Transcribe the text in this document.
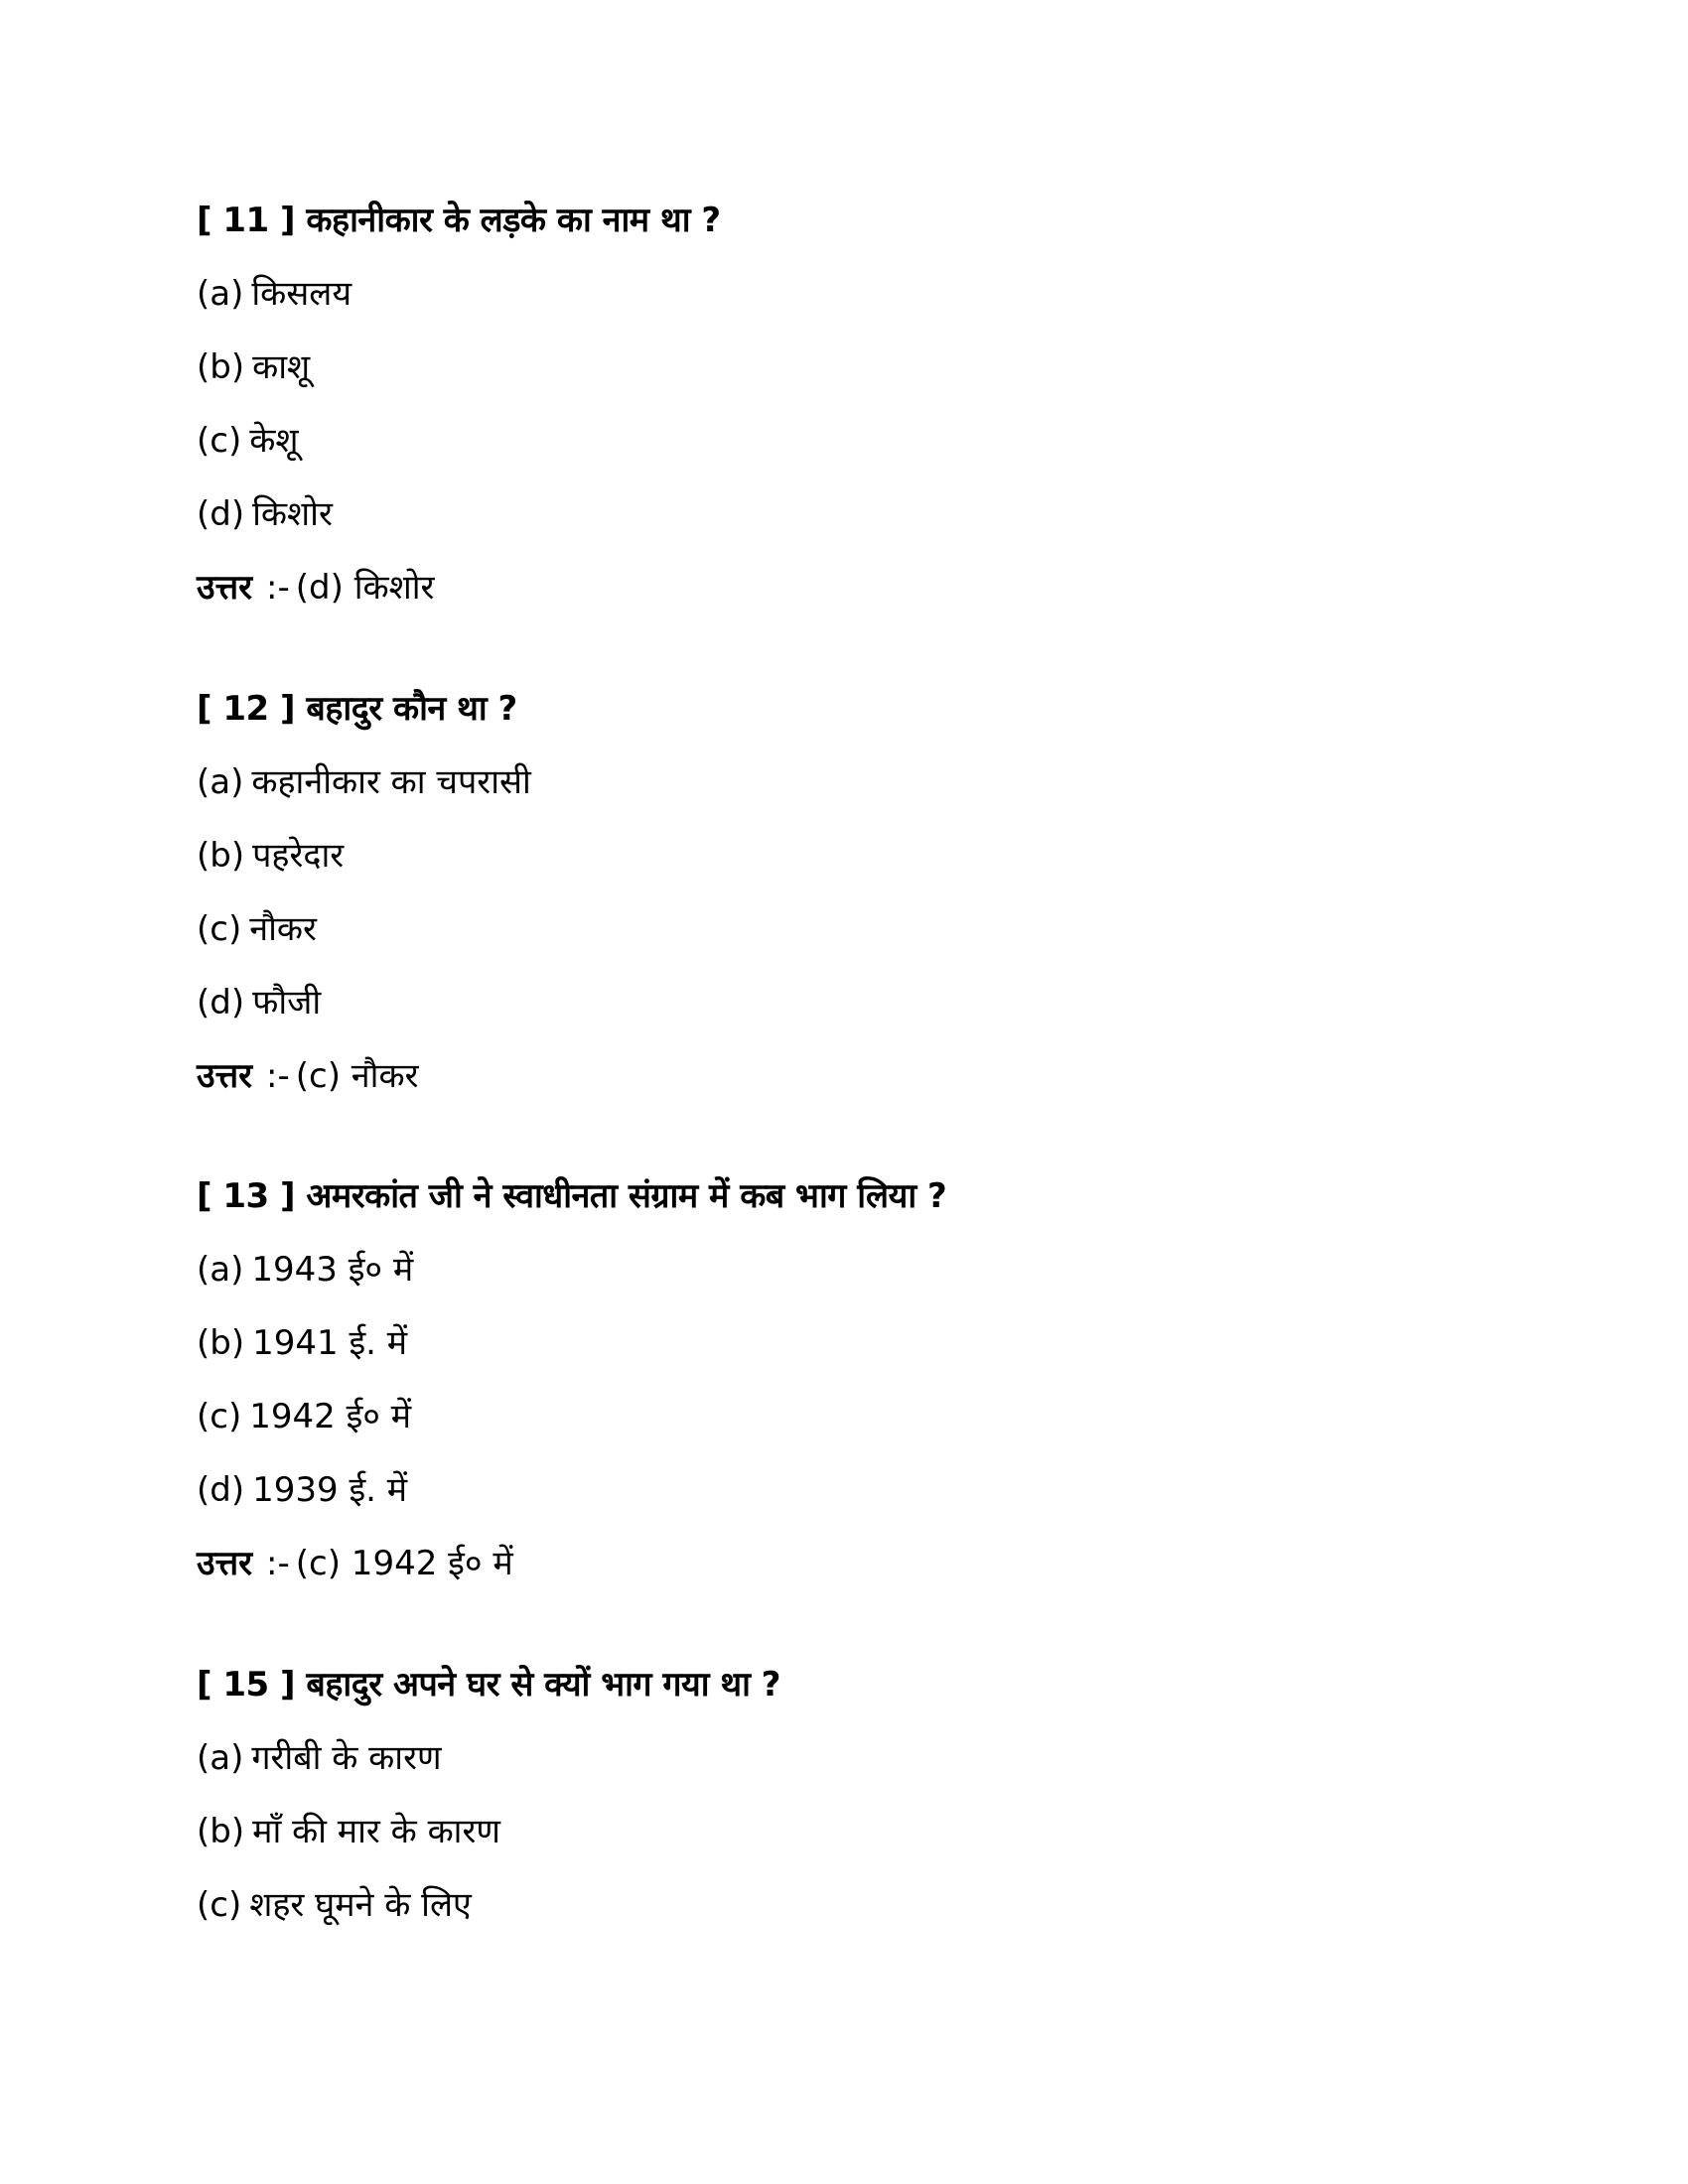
[ 11 ] कहानीकार के लड़के का नाम था ?
(a) किसलय
(b) काशू
(c) केशू
(d) किशोर
उत्तर :- (d) किशोर
[ 12 ] बहादुर कौन था ?
(a) कहानीकार का चपरासी
(b) पहरेदार
(c) नौकर
(d) फौजी
उत्तर :- (c) नौकर
[ 13 ] अमरकांत जी ने स्वाधीनता संग्राम में कब भाग लिया ?
(a) 1943 ई० में
(b) 1941 ई. में
(c) 1942 ई० में
(d) 1939 ई. में
उत्तर :- (c) 1942 ई० में
[ 15 ] बहादुर अपने घर से क्यों भाग गया था ?
(a) गरीबी के कारण
(b) माँ की मार के कारण
(c) शहर घूमने के लिए
